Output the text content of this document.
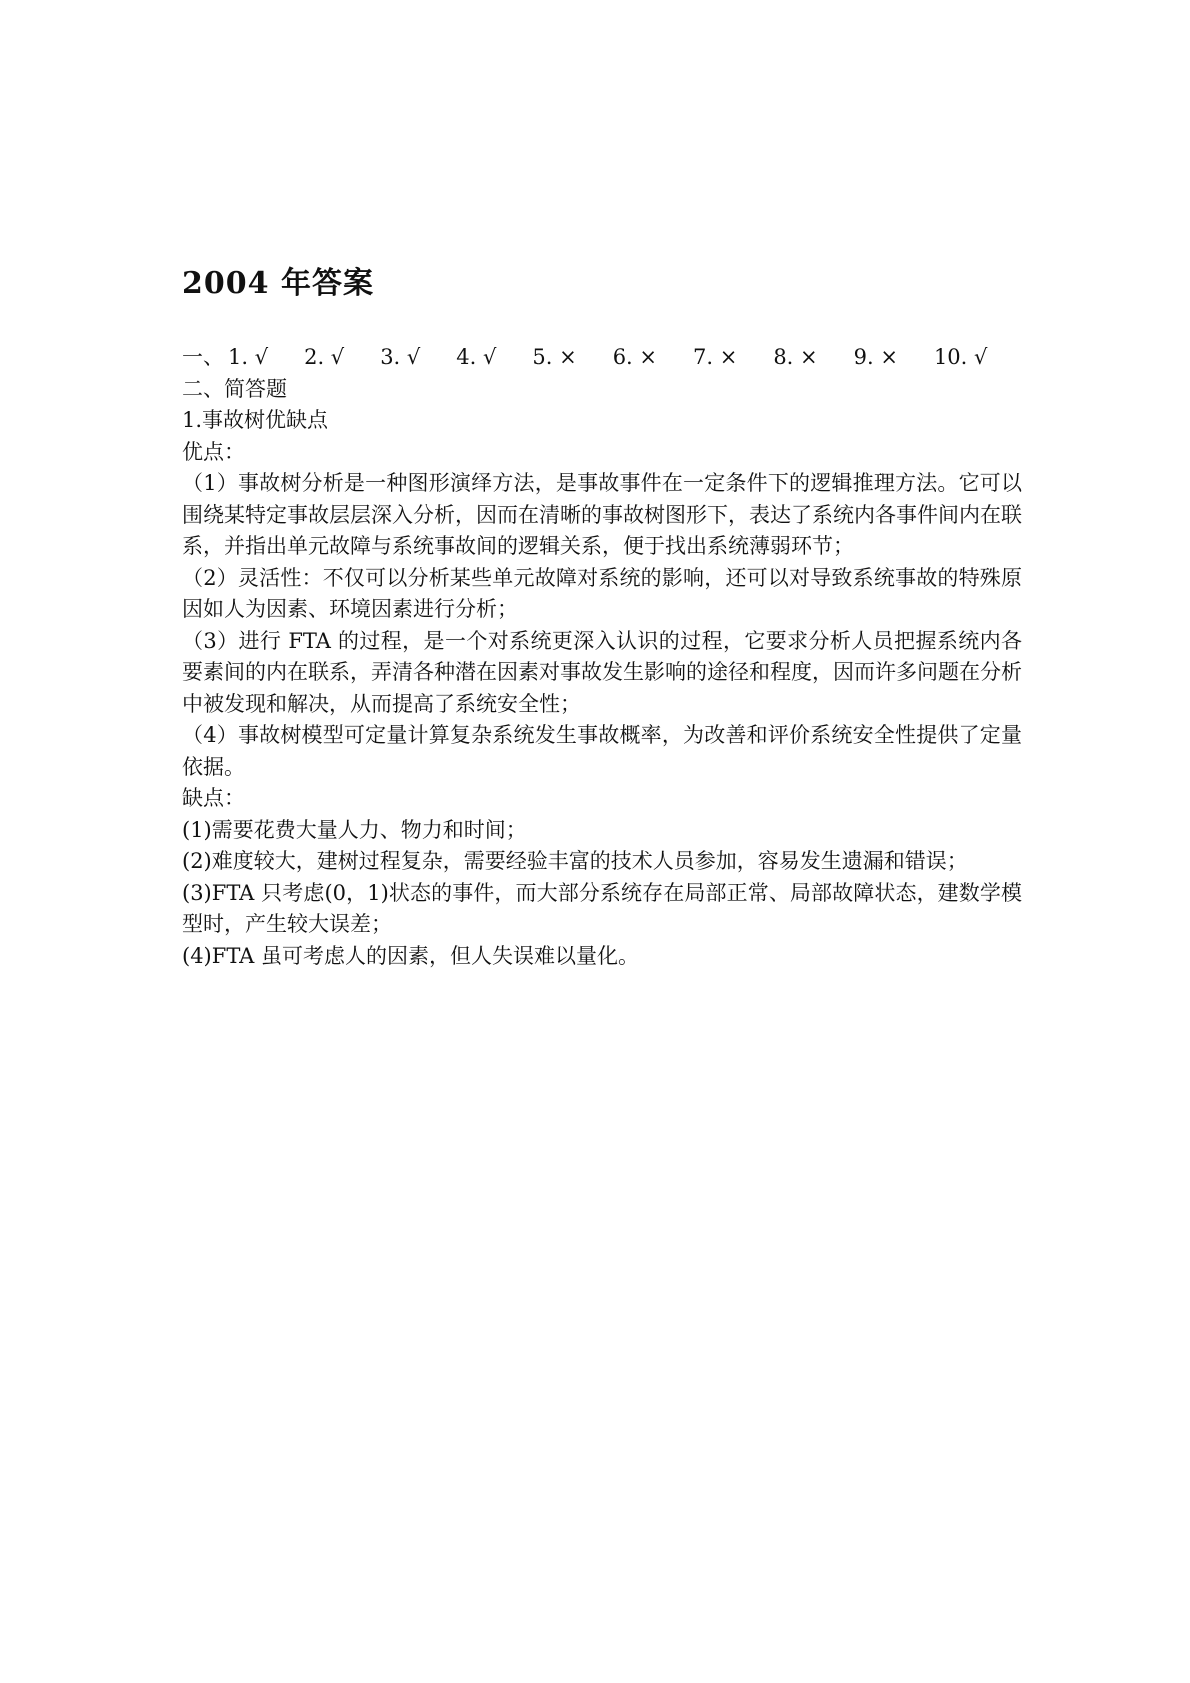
2004 年答案
一、 1. √ 2. √ 3. √ 4. √ 5. × 6. × 7. × 8. × 9. × 10. √

二、简答题

1.事故树优缺点

优点：

（1）事故树分析是一种图形演绎方法，是事故事件在一定条件下的逻辑推理方法。它可以围绕某特定事故层层深入分析，因而在清晰的事故树图形下，表达了系统内各事件间内在联系，并指出单元故障与系统事故间的逻辑关系，便于找出系统薄弱环节；

（2）灵活性：不仅可以分析某些单元故障对系统的影响，还可以对导致系统事故的特殊原因如人为因素、环境因素进行分析；

（3）进行 FTA 的过程，是一个对系统更深入认识的过程，它要求分析人员把握系统内各要素间的内在联系，弄清各种潜在因素对事故发生影响的途径和程度，因而许多问题在分析中被发现和解决，从而提高了系统安全性；

（4）事故树模型可定量计算复杂系统发生事故概率，为改善和评价系统安全性提供了定量依据。

缺点：

(1)需要花费大量人力、物力和时间；

(2)难度较大，建树过程复杂，需要经验丰富的技术人员参加，容易发生遗漏和错误；

(3)FTA 只考虑(0，1)状态的事件，而大部分系统存在局部正常、局部故障状态，建数学模型时，产生较大误差；

(4)FTA 虽可考虑人的因素，但人失误难以量化。
